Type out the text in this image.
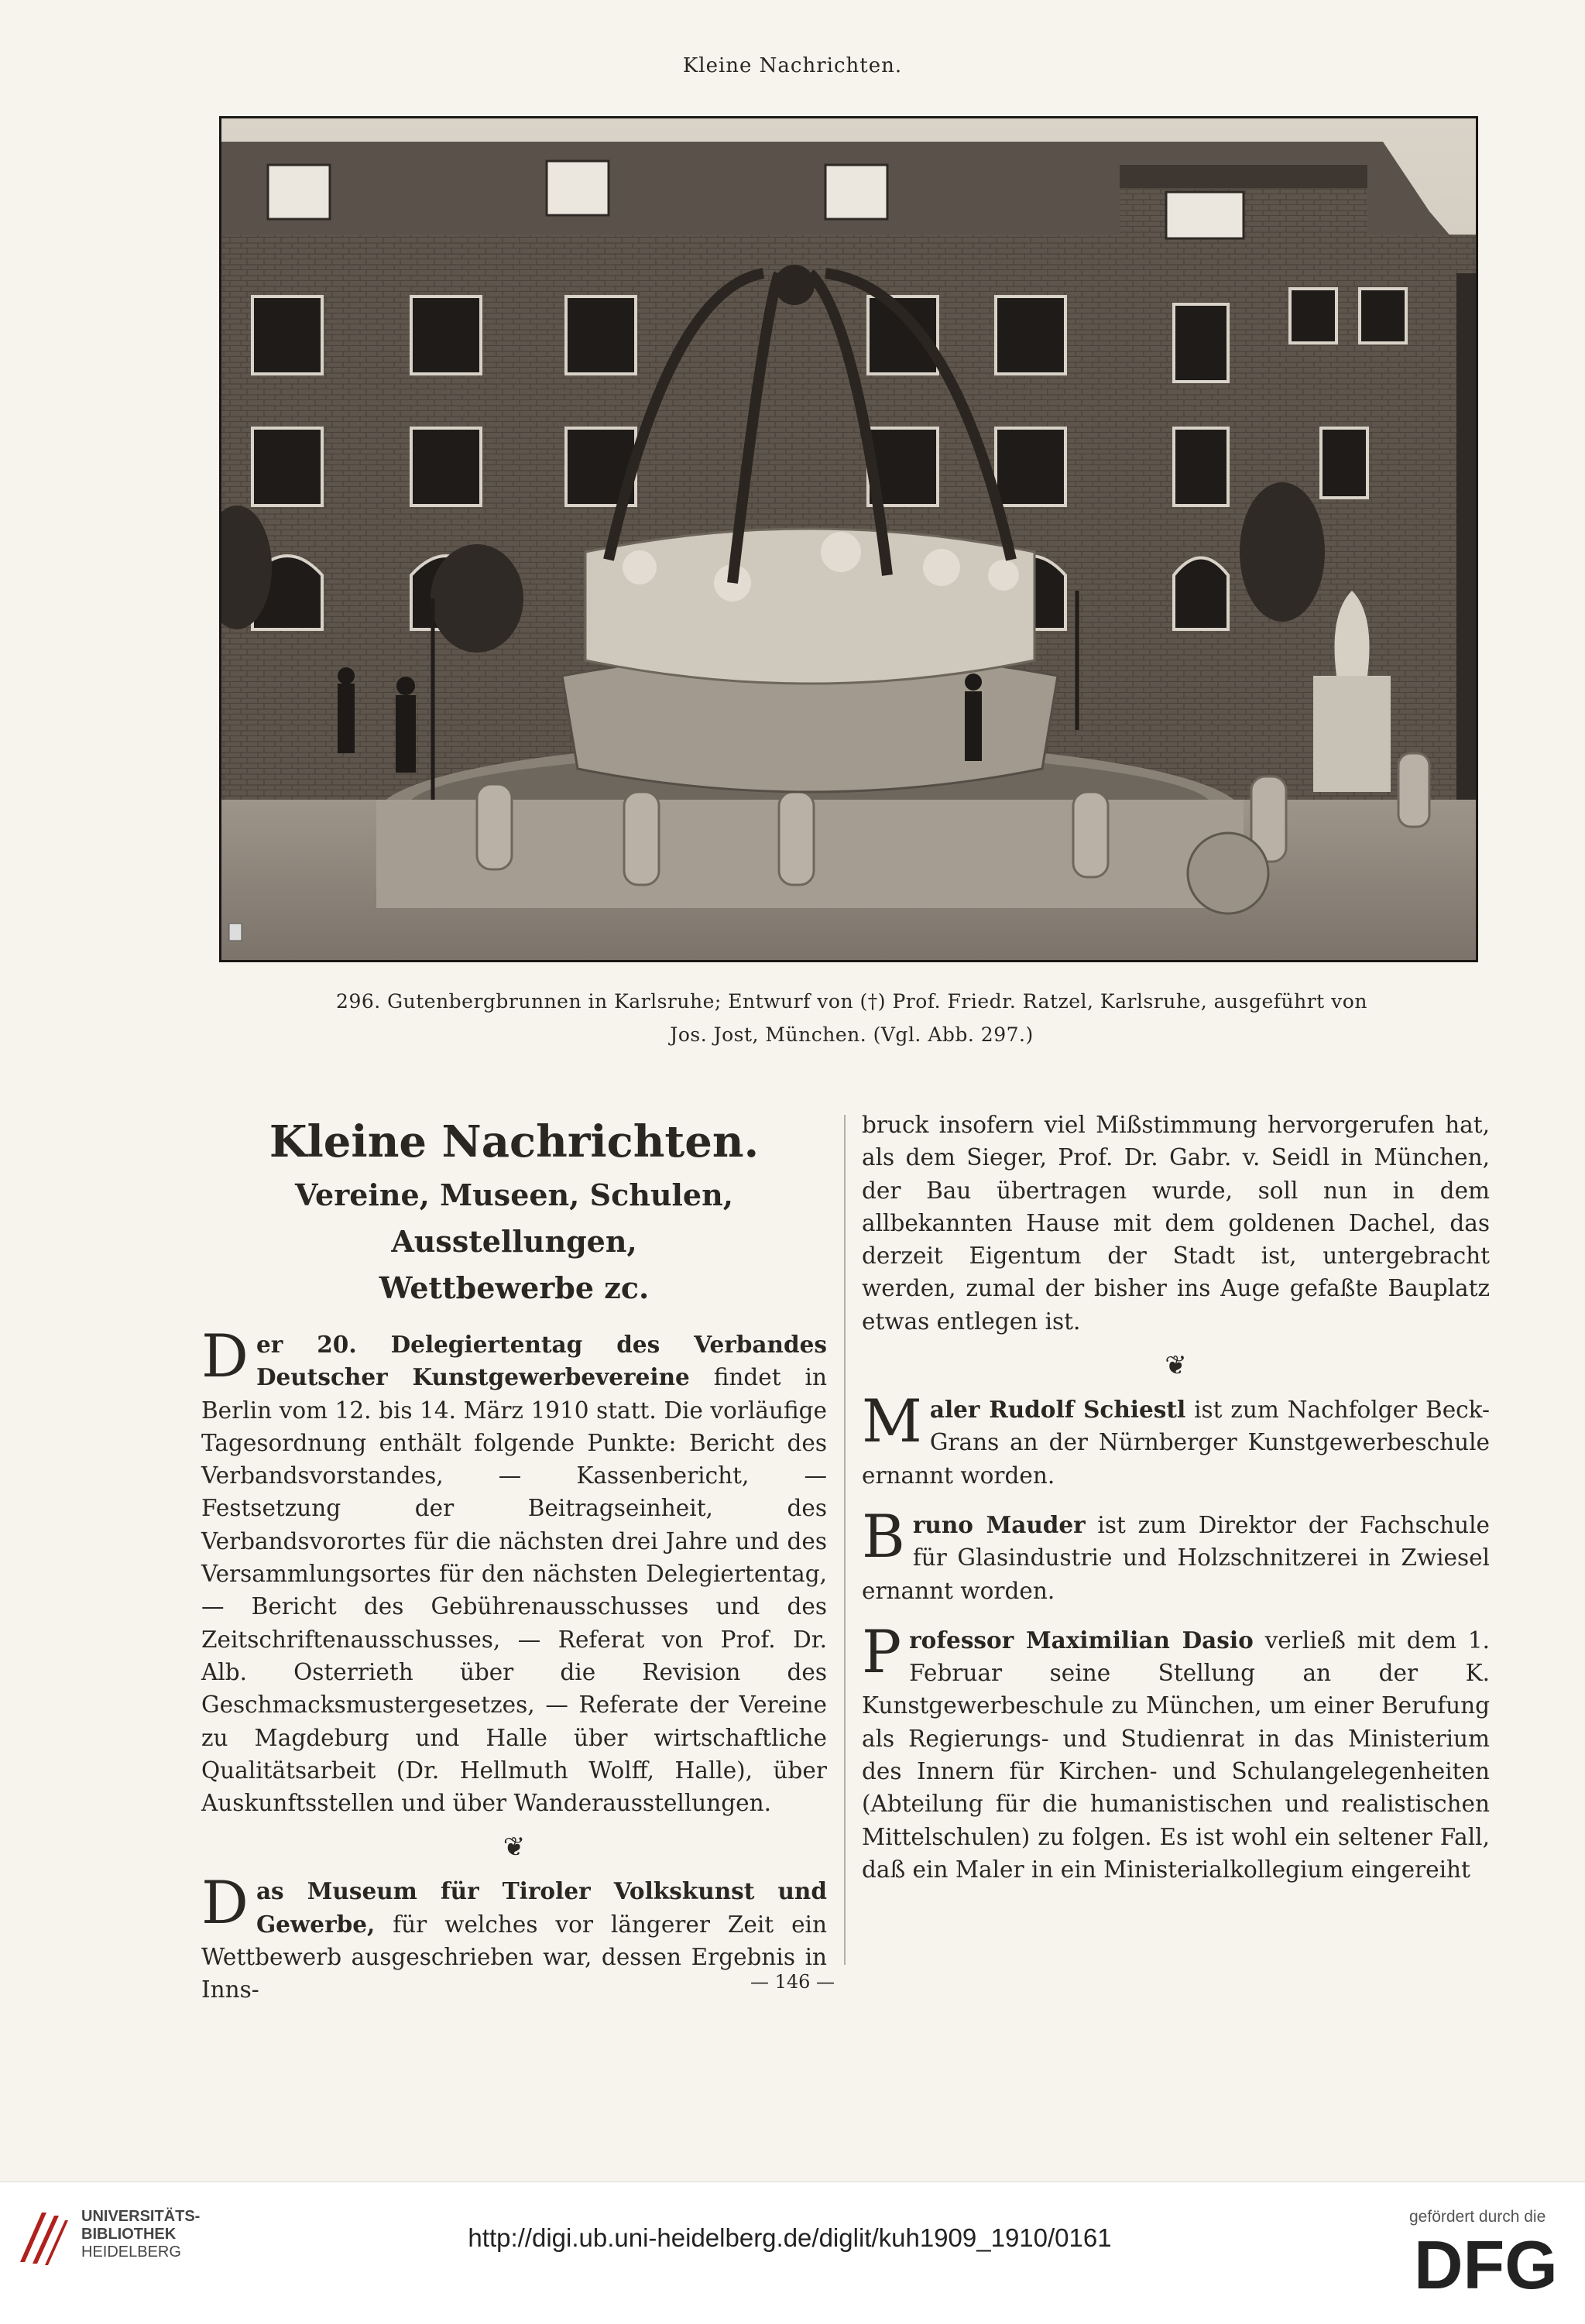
Kleine Nachrichten.
296. Gutenbergbrunnen in Karlsruhe; Entwurf von (†) Prof. Friedr. Ratzel, Karlsruhe, ausgeführt von
Jos. Jost, München. (Vgl. Abb. 297.)
Kleine Nachrichten.
Vereine, Museen, Schulen, Ausstellungen,
Wettbewerbe zc.

Der 20. Delegiertentag des Verbandes Deutscher Kunstgewerbevereine findet in Berlin vom 12. bis 14. März 1910 statt. Die vorläufige Tagesordnung enthält folgende Punkte: Bericht des Verbandsvorstandes, — Kassenbericht, — Festsetzung der Beitragseinheit, des Verbandsvorortes für die nächsten drei Jahre und des Versammlungsortes für den nächsten Delegiertentag, — Bericht des Gebührenausschusses und des Zeitschriftenausschusses, — Referat von Prof. Dr. Alb. Osterrieth über die Revision des Geschmacksmustergesetzes, — Referate der Vereine zu Magdeburg und Halle über wirtschaftliche Qualitätsarbeit (Dr. Hellmuth Wolff, Halle), über Auskunftsstellen und über Wanderausstellungen.

❦

Das Museum für Tiroler Volkskunst und Gewerbe, für welches vor längerer Zeit ein Wettbewerb ausgeschrieben war, dessen Ergebnis in Inns-

bruck insofern viel Mißstimmung hervorgerufen hat, als dem Sieger, Prof. Dr. Gabr. v. Seidl in München, der Bau übertragen wurde, soll nun in dem allbekannten Hause mit dem goldenen Dachel, das derzeit Eigentum der Stadt ist, untergebracht werden, zumal der bisher ins Auge gefaßte Bauplatz etwas entlegen ist.

❦

Maler Rudolf Schiestl ist zum Nachfolger Beck-Grans an der Nürnberger Kunstgewerbeschule ernannt worden.

Bruno Mauder ist zum Direktor der Fachschule für Glasindustrie und Holzschnitzerei in Zwiesel ernannt worden.

Professor Maximilian Dasio verließ mit dem 1. Februar seine Stellung an der K. Kunstgewerbeschule zu München, um einer Berufung als Regierungs- und Studienrat in das Ministerium des Innern für Kirchen- und Schulangelegenheiten (Abteilung für die humanistischen und realistischen Mittelschulen) zu folgen. Es ist wohl ein seltener Fall, daß ein Maler in ein Ministerialkollegium eingereiht

— 146 —
UNIVERSITÄTS-
BIBLIOTHEK
HEIDELBERG	http://digi.ub.uni-heidelberg.de/diglit/kuh1909_1910/0161
gefördert durch die
DFG
